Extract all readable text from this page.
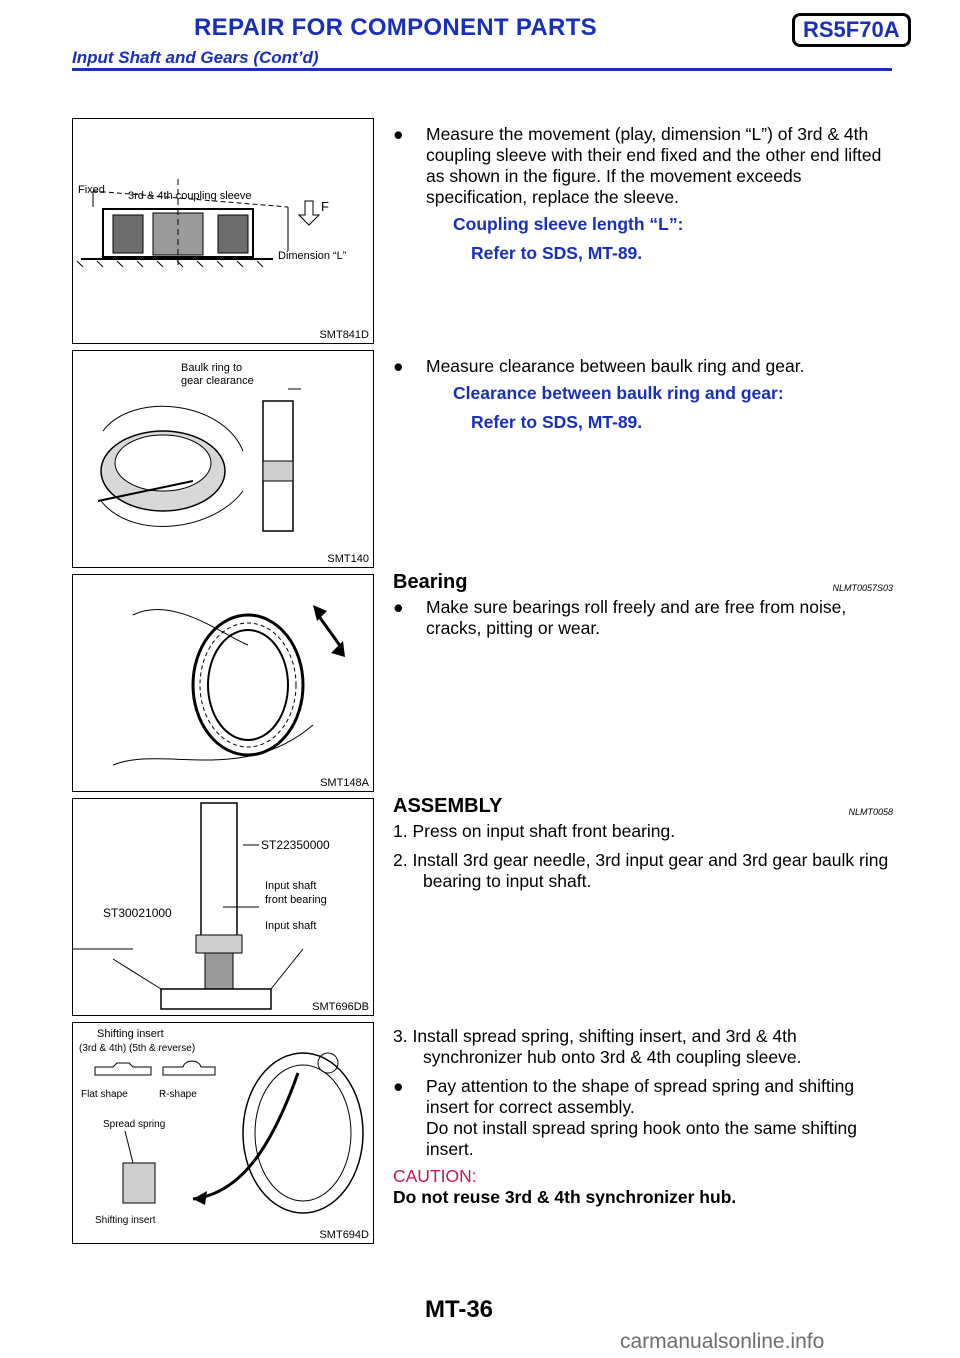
REPAIR FOR COMPONENT PARTS	RS5F70A
Input Shaft and Gears (Cont’d)
Fixed 3rd & 4th coupling sleeve
F
Dimension “L”
SMT841D
Baulk ring to
gear clearance
SMT140
SMT148A
ST22350000
ST30021000
Input shaft
front bearing
Input shaft
SMT696DB
Shifting insert
(3rd & 4th) (5th & reverse)
Flat shape	R-shape
Spread spring
Shifting insert
SMT694D
● Measure the movement (play, dimension “L”) of 3rd & 4th coupling sleeve with their end fixed and the other end lifted as shown in the figure. If the movement exceeds specification, replace the sleeve.
Coupling sleeve length “L”:
Refer to SDS, MT-89.
● Measure clearance between baulk ring and gear.
Clearance between baulk ring and gear:
Refer to SDS, MT-89.
Bearing	NLMT0057S03
● Make sure bearings roll freely and are free from noise, cracks, pitting or wear.
ASSEMBLY	NLMT0058
1. Press on input shaft front bearing.
2. Install 3rd gear needle, 3rd input gear and 3rd gear baulk ring bearing to input shaft.
3. Install spread spring, shifting insert, and 3rd & 4th synchronizer hub onto 3rd & 4th coupling sleeve.
● Pay attention to the shape of spread spring and shifting insert for correct assembly.
Do not install spread spring hook onto the same shifting insert.
CAUTION:
Do not reuse 3rd & 4th synchronizer hub.
MT-36
carmanualsonline.info
